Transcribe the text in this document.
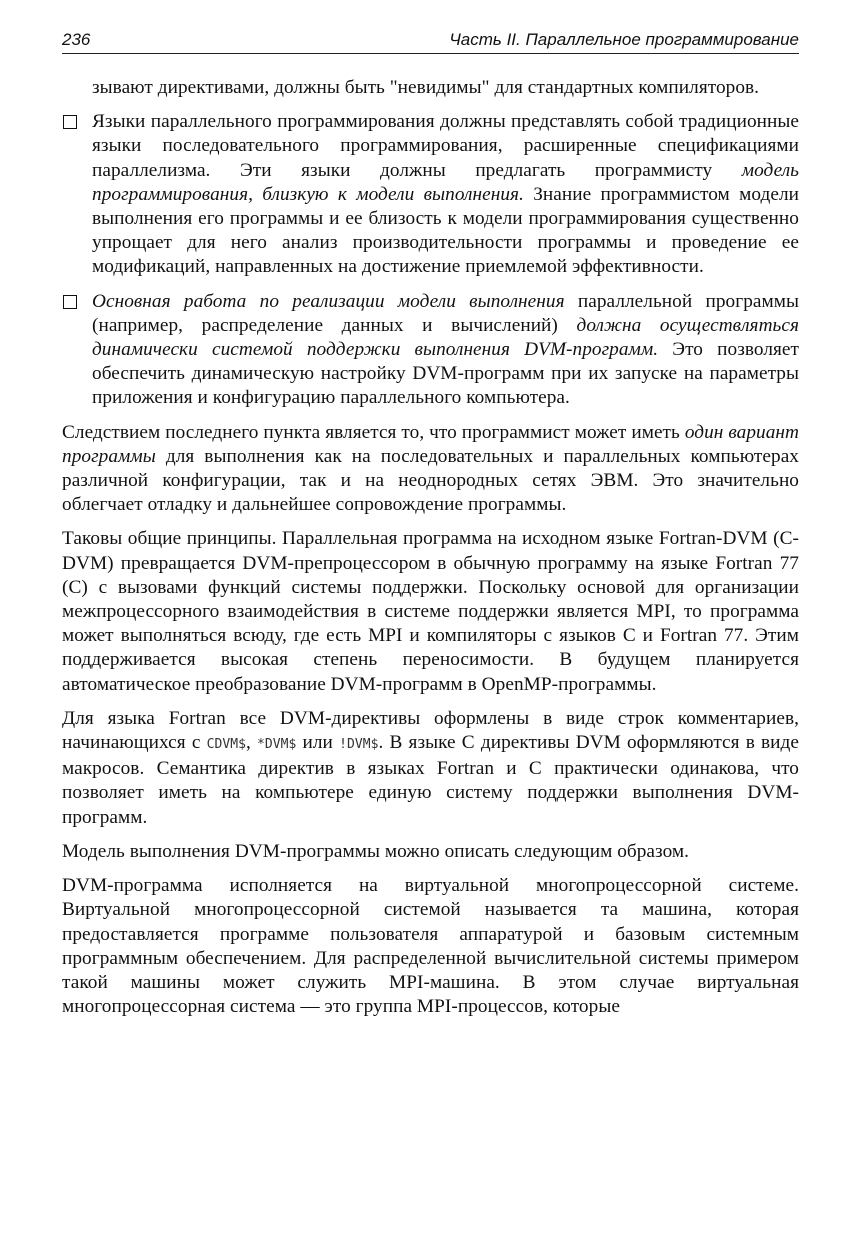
236	Часть II. Параллельное программирование

зывают директивами, должны быть "невидимы" для стандартных компиляторов.

Языки параллельного программирования должны представлять собой традиционные языки последовательного программирования, расширенные спецификациями параллелизма. Эти языки должны предлагать программисту модель программирования, близкую к модели выполнения. Знание программистом модели выполнения его программы и ее близость к модели программирования существенно упрощает для него анализ производительности программы и проведение ее модификаций, направленных на достижение приемлемой эффективности.
Основная работа по реализации модели выполнения параллельной программы (например, распределение данных и вычислений) должна осуществляться динамически системой поддержки выполнения DVM-программ. Это позволяет обеспечить динамическую настройку DVM-программ при их запуске на параметры приложения и конфигурацию параллельного компьютера.

Следствием последнего пункта является то, что программист может иметь один вариант программы для выполнения как на последовательных и параллельных компьютерах различной конфигурации, так и на неоднородных сетях ЭВМ. Это значительно облегчает отладку и дальнейшее сопровождение программы.

Таковы общие принципы. Параллельная программа на исходном языке Fortran-DVM (C-DVM) превращается DVM-препроцессором в обычную программу на языке Fortran 77 (С) с вызовами функций системы поддержки. Поскольку основой для организации межпроцессорного взаимодействия в системе поддержки является MPI, то программа может выполняться всюду, где есть MPI и компиляторы с языков С и Fortran 77. Этим поддерживается высокая степень переносимости. В будущем планируется автоматическое преобразование DVM-программ в OpenMP-программы.

Для языка Fortran все DVM-директивы оформлены в виде строк комментариев, начинающихся с CDVM$, *DVM$ или !DVM$. В языке С директивы DVM оформляются в виде макросов. Семантика директив в языках Fortran и С практически одинакова, что позволяет иметь на компьютере единую систему поддержки выполнения DVM-программ.

Модель выполнения DVM-программы можно описать следующим образом.

DVM-программа исполняется на виртуальной многопроцессорной системе. Виртуальной многопроцессорной системой называется та машина, которая предоставляется программе пользователя аппаратурой и базовым системным программным обеспечением. Для распределенной вычислительной системы примером такой машины может служить MPI-машина. В этом случае виртуальная многопроцессорная система — это группа MPI-процессов, которые
